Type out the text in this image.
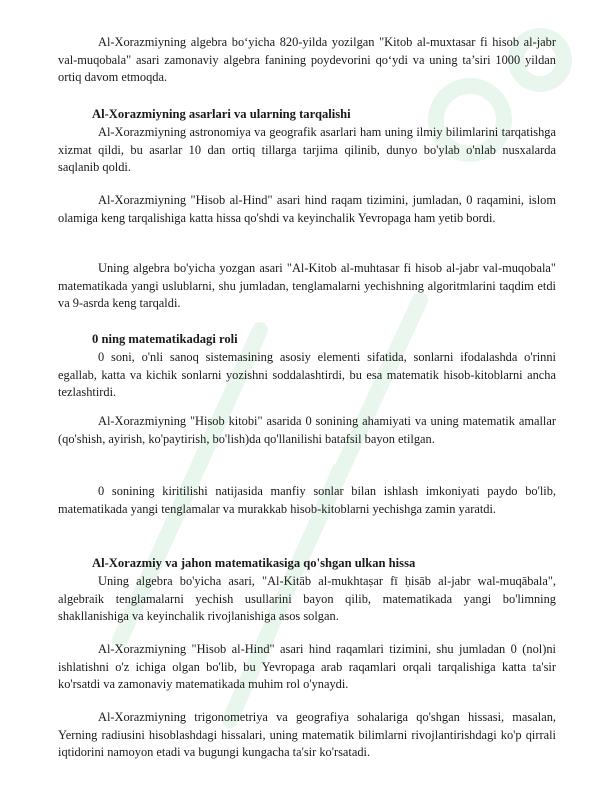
Al-Xorazmiyning algebra bo‘yicha 820-yilda yozilgan "Kitob al-muxtasar fi hisob al-jabr val-muqobala" asari zamonaviy algebra fanining poydevorini qo‘ydi va uning ta’siri 1000 yildan ortiq davom etmoqda.

Al-Xorazmiyning asarlari va ularning tarqalishi

Al-Xorazmiyning astronomiya va geografik asarlari ham uning ilmiy bilimlarini tarqatishga xizmat qildi, bu asarlar 10 dan ortiq tillarga tarjima qilinib, dunyo bo'ylab o'nlab nusxalarda saqlanib qoldi.

Al-Xorazmiyning "Hisob al-Hind" asari hind raqam tizimini, jumladan, 0 raqamini, islom olamiga keng tarqalishiga katta hissa qo'shdi va keyinchalik Yevropaga ham yetib bordi.

Uning algebra bo'yicha yozgan asari "Al-Kitob al-muhtasar fi hisob al-jabr val-muqobala" matematikada yangi uslublarni, shu jumladan, tenglamalarni yechishning algoritmlarini taqdim etdi va 9-asrda keng tarqaldi.

0 ning matematikadagi roli

0 soni, o'nli sanoq sistemasining asosiy elementi sifatida, sonlarni ifodalashda o'rinni egallab, katta va kichik sonlarni yozishni soddalashtirdi, bu esa matematik hisob-kitoblarni ancha tezlashtirdi.

Al-Xorazmiyning "Hisob kitobi" asarida 0 sonining ahamiyati va uning matematik amallar (qo'shish, ayirish, ko'paytirish, bo'lish)da qo'llanilishi batafsil bayon etilgan.

0 sonining kiritilishi natijasida manfiy sonlar bilan ishlash imkoniyati paydo bo'lib, matematikada yangi tenglamalar va murakkab hisob-kitoblarni yechishga zamin yaratdi.

Al-Xorazmiy va jahon matematikasiga qo'shgan ulkan hissa

Uning algebra bo'yicha asari, "Al-Kitāb al-mukhtaṣar fī ḥisāb al-jabr wal-muqābala", algebraik tenglamalarni yechish usullarini bayon qilib, matematikada yangi bo'limning shakllanishiga va keyinchalik rivojlanishiga asos solgan.

Al-Xorazmiyning "Hisob al-Hind" asari hind raqamlari tizimini, shu jumladan 0 (nol)ni ishlatishni o'z ichiga olgan bo'lib, bu Yevropaga arab raqamlari orqali tarqalishiga katta ta'sir ko'rsatdi va zamonaviy matematikada muhim rol o'ynaydi.

Al-Xorazmiyning trigonometriya va geografiya sohalariga qo'shgan hissasi, masalan, Yerning radiusini hisoblashdagi hissalari, uning matematik bilimlarni rivojlantirishdagi ko'p qirrali iqtidorini namoyon etadi va bugungi kungacha ta'sir ko'rsatadi.
